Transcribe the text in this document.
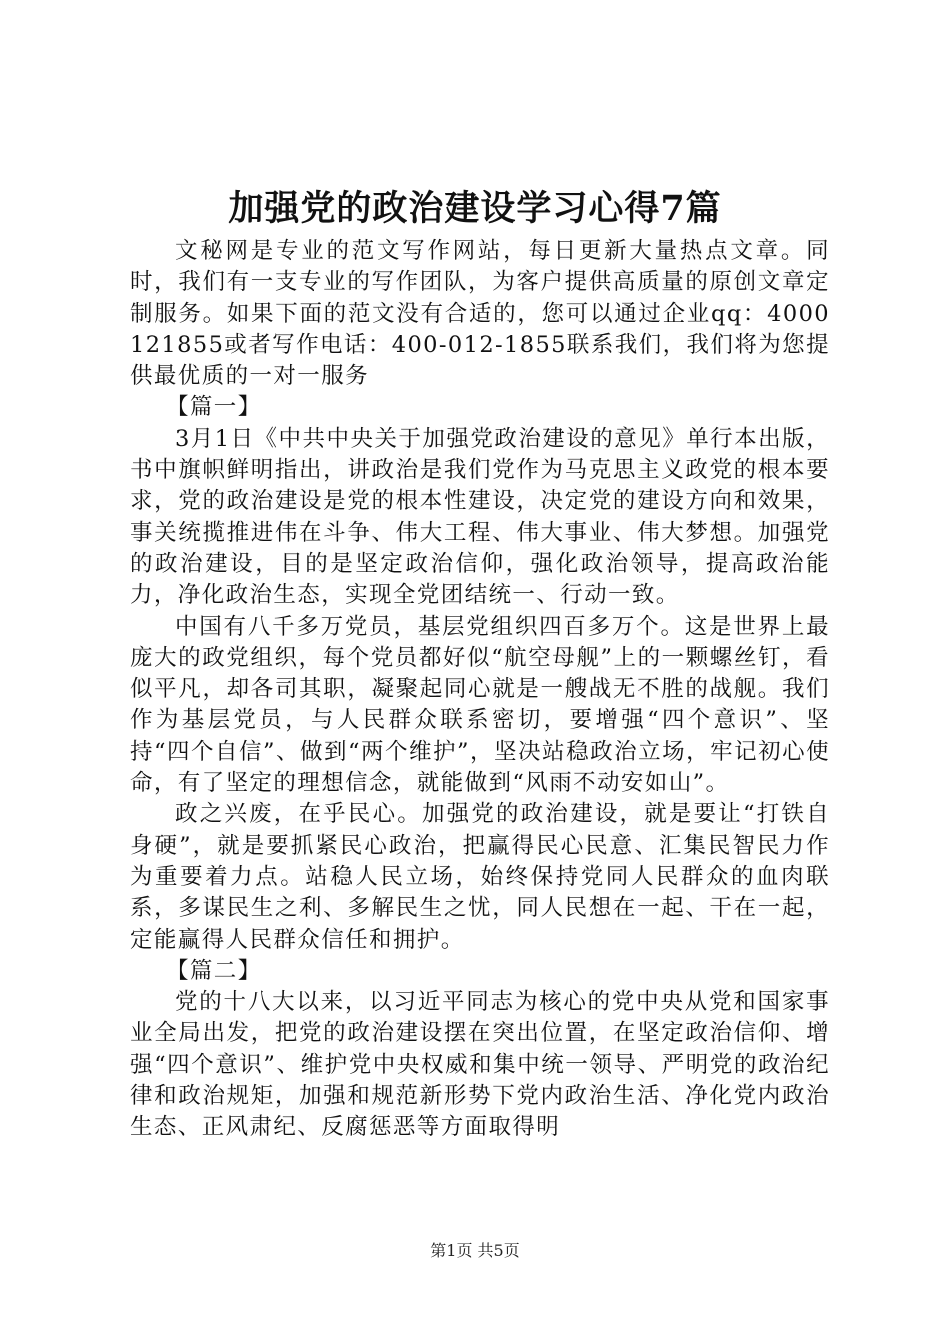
加强党的政治建设学习心得7篇

文秘网是专业的范文写作网站，每日更新大量热点文章。同时，我们有一支专业的写作团队，为客户提供高质量的原创文章定制服务。如果下面的范文没有合适的，您可以通过企业qq：4000121855或者写作电话：400-012-1855联系我们，我们将为您提供最优质的一对一服务

【篇一】

3月1日《中共中央关于加强党政治建设的意见》单行本出版，书中旗帜鲜明指出，讲政治是我们党作为马克思主义政党的根本要求，党的政治建设是党的根本性建设，决定党的建设方向和效果，事关统揽推进伟在斗争、伟大工程、伟大事业、伟大梦想。加强党的政治建设，目的是坚定政治信仰，强化政治领导，提高政治能力，净化政治生态，实现全党团结统一、行动一致。

中国有八千多万党员，基层党组织四百多万个。这是世界上最庞大的政党组织，每个党员都好似“航空母舰”上的一颗螺丝钉，看似平凡，却各司其职，凝聚起同心就是一艘战无不胜的战舰。我们作为基层党员，与人民群众联系密切，要增强“四个意识”、坚持“四个自信”、做到“两个维护”，坚决站稳政治立场，牢记初心使命，有了坚定的理想信念，就能做到“风雨不动安如山”。

政之兴废，在乎民心。加强党的政治建设，就是要让“打铁自身硬”，就是要抓紧民心政治，把赢得民心民意、汇集民智民力作为重要着力点。站稳人民立场，始终保持党同人民群众的血肉联系，多谋民生之利、多解民生之忧，同人民想在一起、干在一起，定能赢得人民群众信任和拥护。

【篇二】

党的十八大以来，以习近平同志为核心的党中央从党和国家事业全局出发，把党的政治建设摆在突出位置，在坚定政治信仰、增强“四个意识”、维护党中央权威和集中统一领导、严明党的政治纪律和政治规矩，加强和规范新形势下党内政治生活、净化党内政治生态、正风肃纪、反腐惩恶等方面取得明

第1页 共5页
